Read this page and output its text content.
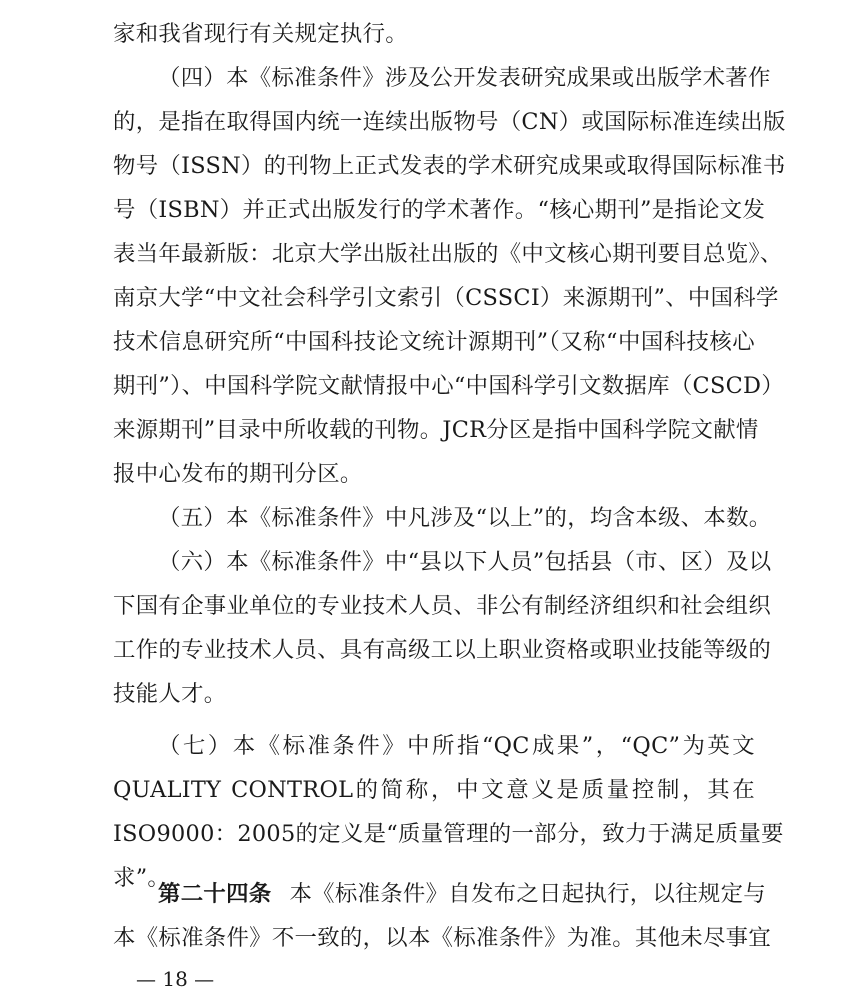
家和我省现行有关规定执行。
（四）本《标准条件》涉及公开发表研究成果或出版学术著作
的，是指在取得国内统一连续出版物号（CN）或国际标准连续出版
物号（ISSN）的刊物上正式发表的学术研究成果或取得国际标准书
号（ISBN）并正式出版发行的学术著作。“核心期刊”是指论文发
表当年最新版：北京大学出版社出版的《中文核心期刊要目总览》、
南京大学“中文社会科学引文索引（CSSCI）来源期刊”、中国科学
技术信息研究所“中国科技论文统计源期刊”（又称“中国科技核心
期刊”）、中国科学院文献情报中心“中国科学引文数据库（CSCD）
来源期刊”目录中所收载的刊物。JCR分区是指中国科学院文献情
报中心发布的期刊分区。
（五）本《标准条件》中凡涉及“以上”的，均含本级、本数。
（六）本《标准条件》中“县以下人员”包括县（市、区）及以
下国有企事业单位的专业技术人员、非公有制经济组织和社会组织
工作的专业技术人员、具有高级工以上职业资格或职业技能等级的
技能人才。
（七）本《标准条件》中所指“QC成果”，“QC”为英文
QUALITY CONTROL的简称，中文意义是质量控制，其在
ISO9000：2005的定义是“质量管理的一部分，致力于满足质量要
求”。
第二十四条 本《标准条件》自发布之日起执行，以往规定与
本《标准条件》不一致的，以本《标准条件》为准。其他未尽事宜
— 18 —
